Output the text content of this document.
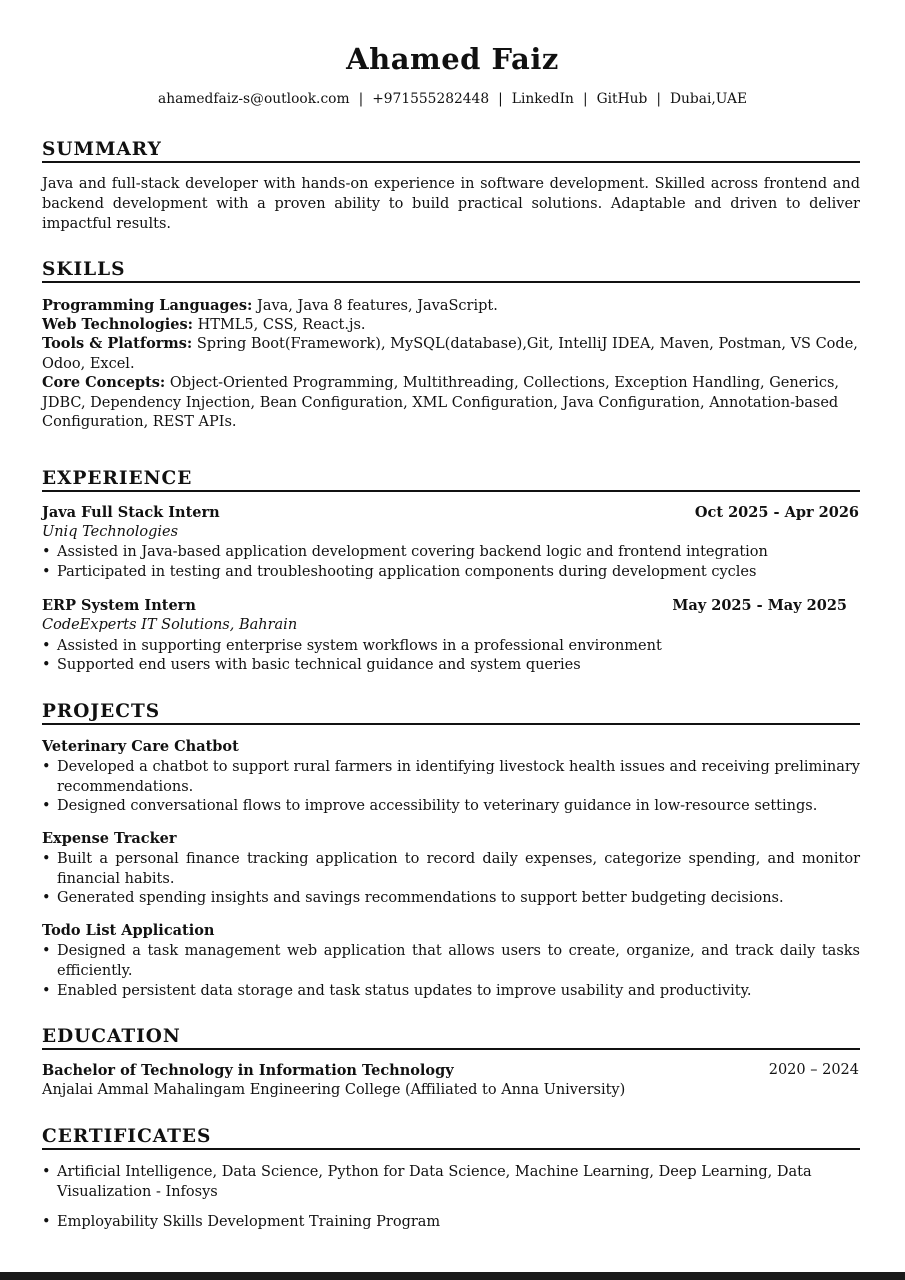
Ahamed Faiz
ahamedfaiz-s@outlook.com | +971555282448 | LinkedIn | GitHub | Dubai,UAE
SUMMARY
Java and full-stack developer with hands-on experience in software development. Skilled across frontend and backend development with a proven ability to build practical solutions. Adaptable and driven to deliver impactful results.
SKILLS
Programming Languages: Java, Java 8 features, JavaScript.
Web Technologies: HTML5, CSS, React.js.
Tools & Platforms: Spring Boot(Framework), MySQL(database),Git, IntelliJ IDEA, Maven, Postman, VS Code, Odoo, Excel.
Core Concepts: Object-Oriented Programming, Multithreading, Collections, Exception Handling, Generics, JDBC, Dependency Injection, Bean Configuration, XML Configuration, Java Configuration, Annotation-based Configuration, REST APIs.
EXPERIENCE
Java Full Stack Intern	Oct 2025 - Apr 2026
Uniq Technologies
• Assisted in Java-based application development covering backend logic and frontend integration
• Participated in testing and troubleshooting application components during development cycles
ERP System Intern	May 2025 - May 2025
CodeExperts IT Solutions, Bahrain
• Assisted in supporting enterprise system workflows in a professional environment
• Supported end users with basic technical guidance and system queries
PROJECTS
Veterinary Care Chatbot
• Developed a chatbot to support rural farmers in identifying livestock health issues and receiving preliminary recommendations.
• Designed conversational flows to improve accessibility to veterinary guidance in low-resource settings.
Expense Tracker
• Built a personal finance tracking application to record daily expenses, categorize spending, and monitor financial habits.
• Generated spending insights and savings recommendations to support better budgeting decisions.
Todo List Application
• Designed a task management web application that allows users to create, organize, and track daily tasks efficiently.
• Enabled persistent data storage and task status updates to improve usability and productivity.
EDUCATION
Bachelor of Technology in Information Technology	2020 – 2024
Anjalai Ammal Mahalingam Engineering College (Affiliated to Anna University)
CERTIFICATES
• Artificial Intelligence, Data Science, Python for Data Science, Machine Learning, Deep Learning, Data Visualization - Infosys
• Employability Skills Development Training Program
